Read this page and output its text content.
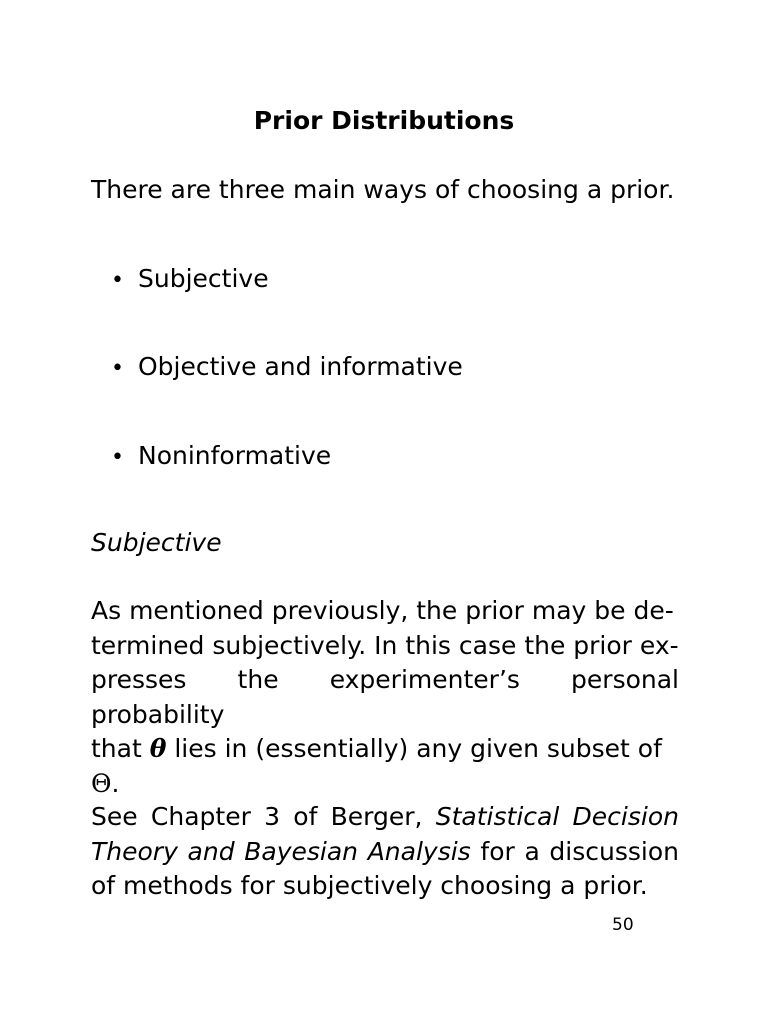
Prior Distributions

There are three main ways of choosing a prior.

• Subjective
• Objective and informative
• Noninformative

Subjective

As mentioned previously, the prior may be de-
termined subjectively. In this case the prior ex-
presses the experimenter’s personal probability
that θ lies in (essentially) any given subset of
Θ.

See Chapter 3 of Berger, Statistical Decision Theory and Bayesian Analysis for a discussion of methods for subjectively choosing a prior.

50
